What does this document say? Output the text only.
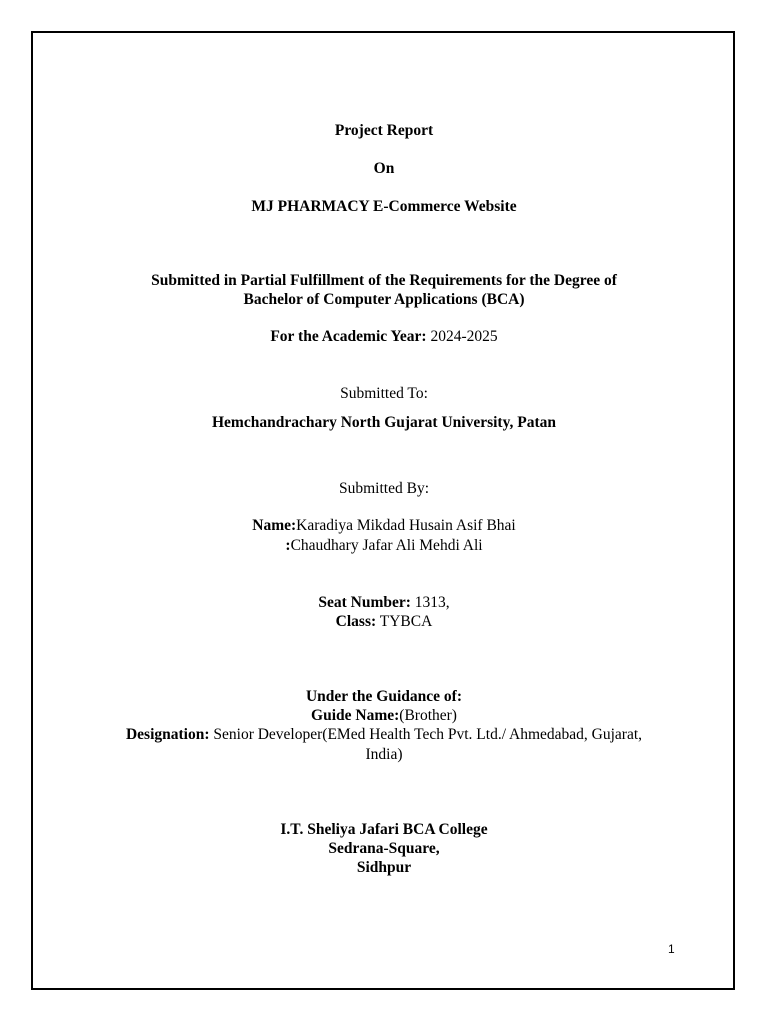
Project Report
On
MJ PHARMACY E-Commerce Website
Submitted in Partial Fulfillment of the Requirements for the Degree of
Bachelor of Computer Applications (BCA)
For the Academic Year: 2024-2025
Submitted To:
Hemchandrachary North Gujarat University, Patan
Submitted By:
Name:Karadiya Mikdad Husain Asif Bhai
:Chaudhary Jafar Ali Mehdi Ali
Seat Number: 1313,
Class: TYBCA
Under the Guidance of:
Guide Name:(Brother)
Designation: Senior Developer(EMed Health Tech Pvt. Ltd./ Ahmedabad, Gujarat,
India)
I.T. Sheliya Jafari BCA College
Sedrana-Square,
Sidhpur
1
